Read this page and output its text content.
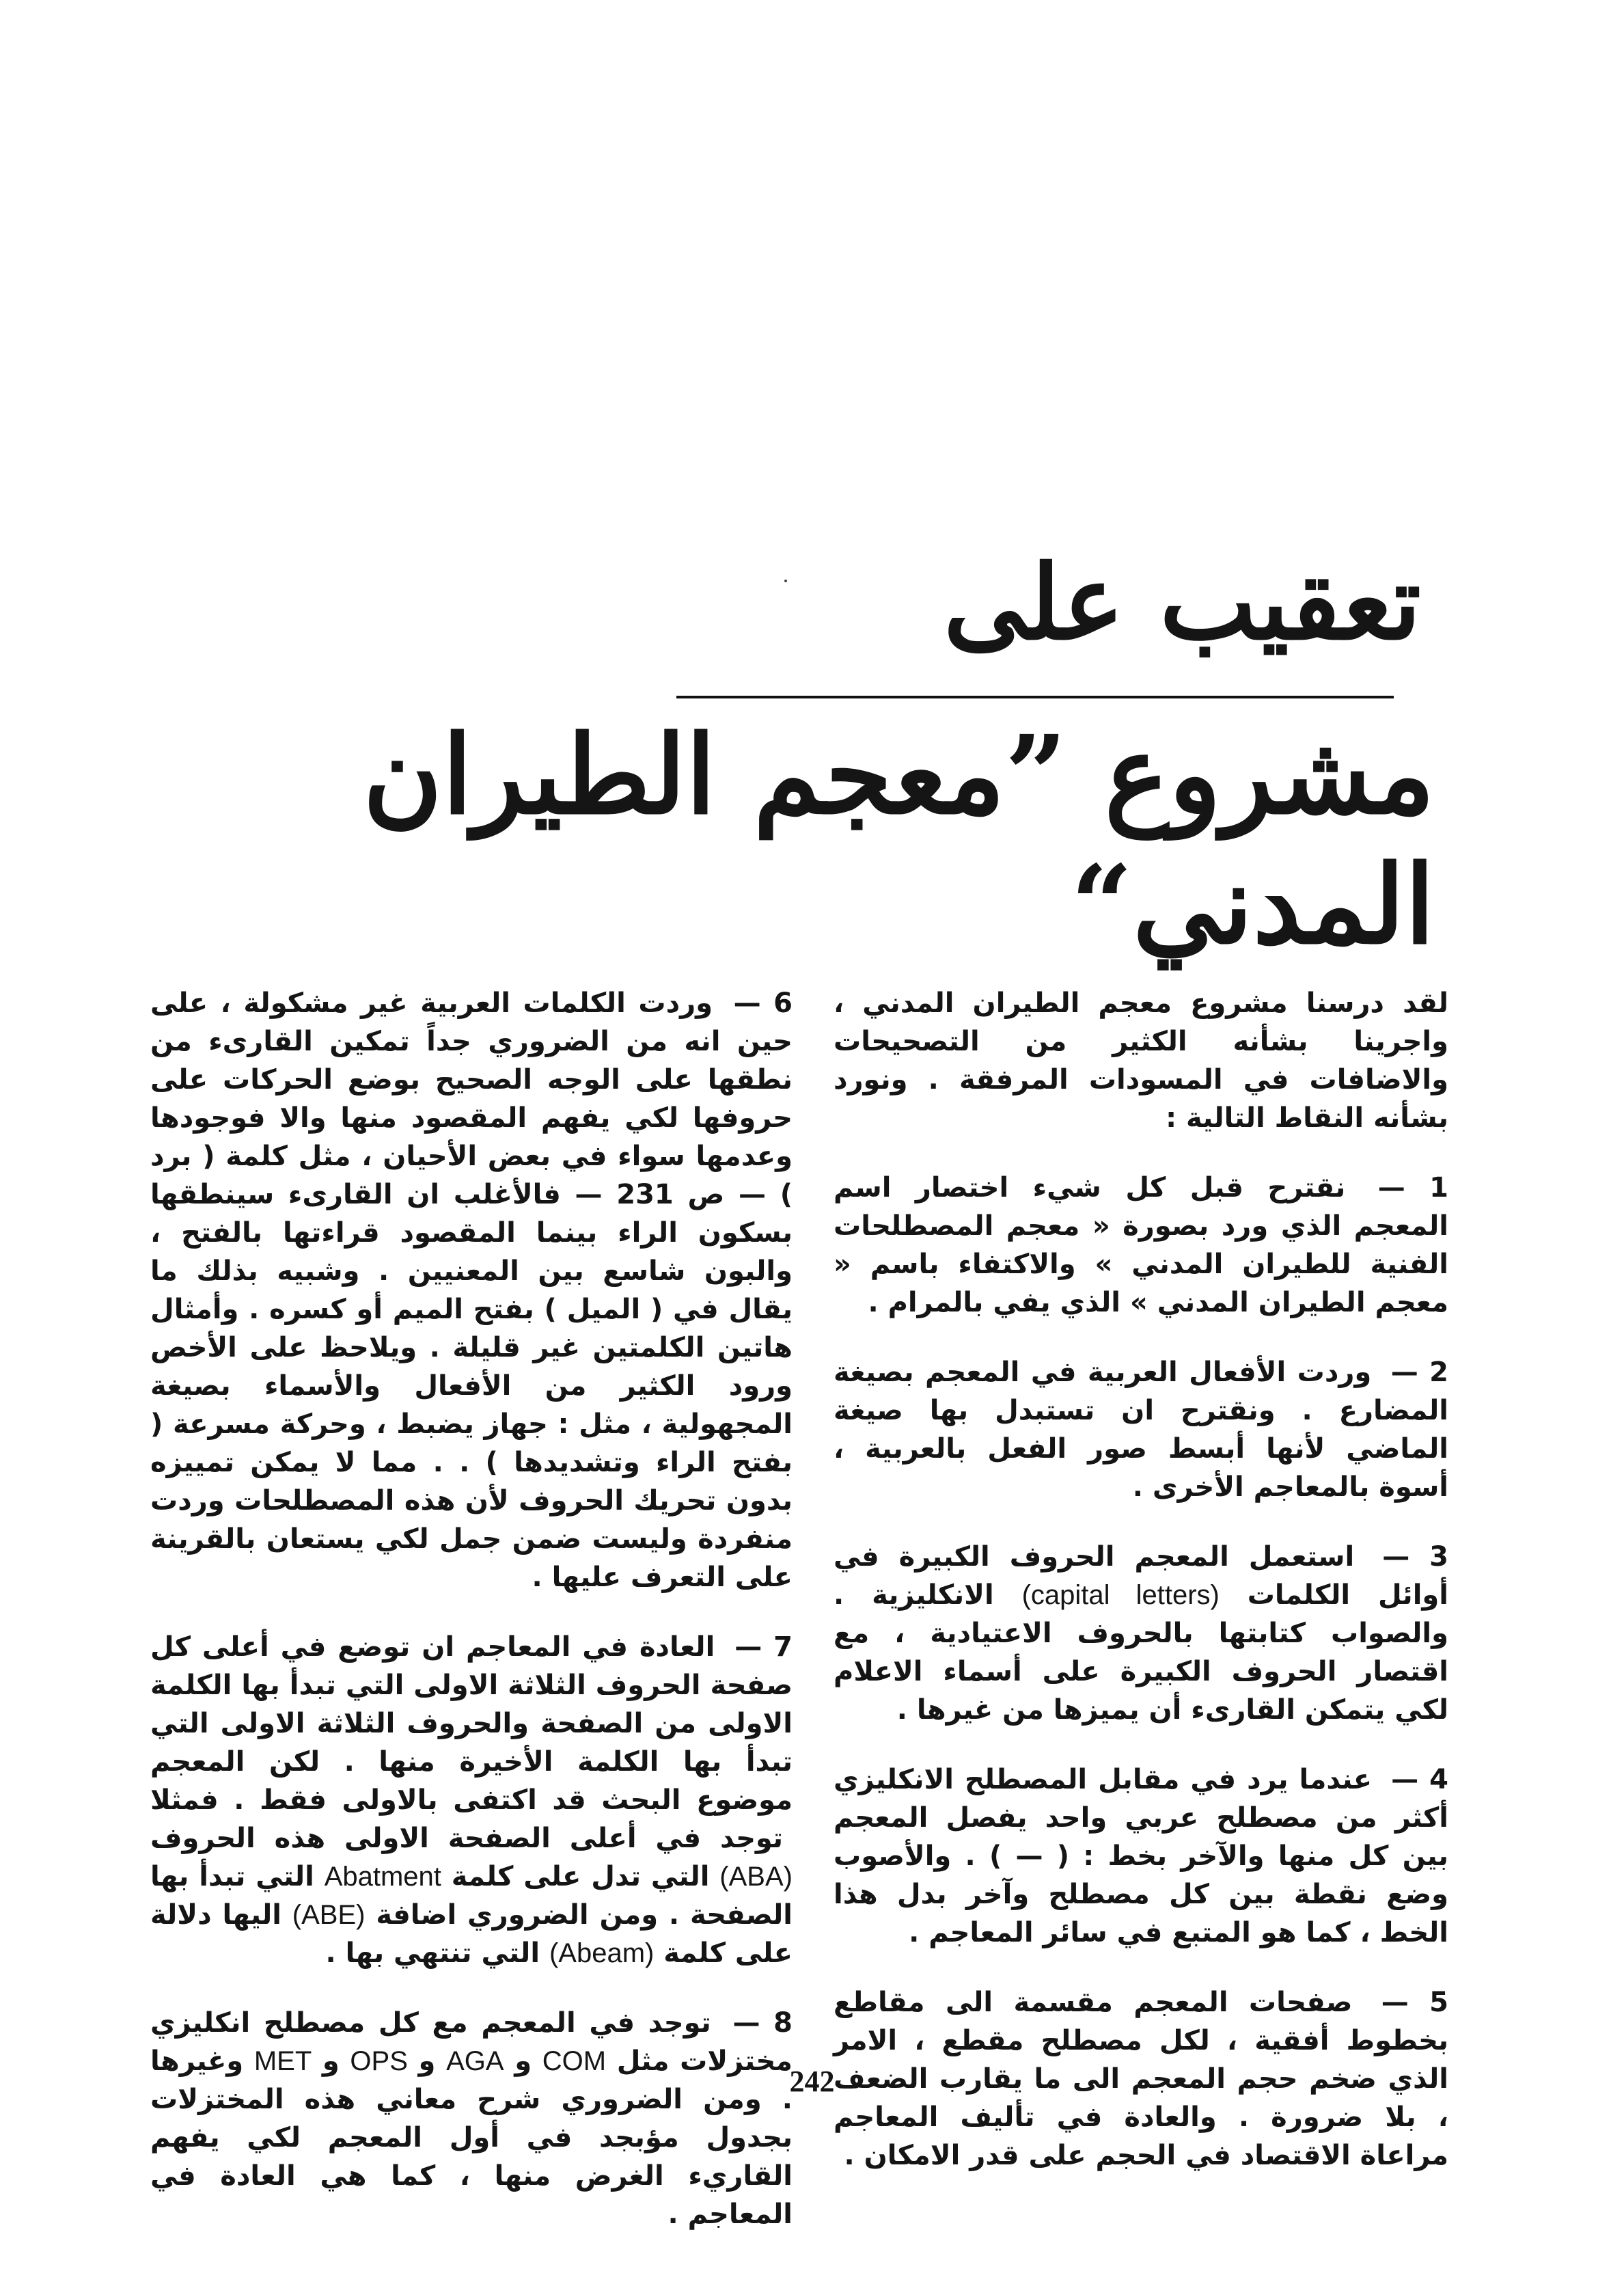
تعقيب على
مشروع ”معجم الطيران المدني“

لقد درسنا مشروع معجم الطيران المدني ، واجرينا بشأنه الكثير من التصحيحات والاضافات في المسودات المرفقة . ونورد بشأنه النقاط التالية :

1 — نقترح قبل كل شيء اختصار اسم المعجم الذي ورد بصورة « معجم المصطلحات الفنية للطيران المدني » والاكتفاء باسم « معجم الطيران المدني » الذي يفي بالمرام .

2 — وردت الأفعال العربية في المعجم بصيغة المضارع . ونقترح ان تستبدل بها صيغة الماضي لأنها أبسط صور الفعل بالعربية ، أسوة بالمعاجم الأخرى .

3 — استعمل المعجم الحروف الكبيرة في أوائل الكلمات (capital letters) الانكليزية . والصواب كتابتها بالحروف الاعتيادية ، مع اقتصار الحروف الكبيرة على أسماء الاعلام لكي يتمكن القارىء أن يميزها من غيرها .

4 — عندما يرد في مقابل المصطلح الانكليزي أكثر من مصطلح عربي واحد يفصل المعجم بين كل منها والآخر بخط : ( — ) . والأصوب وضع نقطة بين كل مصطلح وآخر بدل هذا الخط ، كما هو المتبع في سائر المعاجم .

5 — صفحات المعجم مقسمة الى مقاطع بخطوط أفقية ، لكل مصطلح مقطع ، الامر الذي ضخم حجم المعجم الى ما يقارب الضعف ، بلا ضرورة . والعادة في تأليف المعاجم مراعاة الاقتصاد في الحجم على قدر الامكان .

6 — وردت الكلمات العربية غير مشكولة ، على حين انه من الضروري جداً تمكين القارىء من نطقها على الوجه الصحيح بوضع الحركات على حروفها لكي يفهم المقصود منها والا فوجودها وعدمها سواء في بعض الأحيان ، مثل كلمة ( برد ) — ص 231 — فالأغلب ان القارىء سينطقها بسكون الراء بينما المقصود قراءتها بالفتح ، والبون شاسع بين المعنيين . وشبيه بذلك ما يقال في ( الميل ) بفتح الميم أو كسره . وأمثال هاتين الكلمتين غير قليلة . ويلاحظ على الأخص ورود الكثير من الأفعال والأسماء بصيغة المجهولية ، مثل : جهاز يضبط ، وحركة مسرعة ( بفتح الراء وتشديدها ) . . مما لا يمكن تمييزه بدون تحريك الحروف لأن هذه المصطلحات وردت منفردة وليست ضمن جمل لكي يستعان بالقرينة على التعرف عليها .

7 — العادة في المعاجم ان توضع في أعلى كل صفحة الحروف الثلاثة الاولى التي تبدأ بها الكلمة الاولى من الصفحة والحروف الثلاثة الاولى التي تبدأ بها الكلمة الأخيرة منها . لكن المعجم موضوع البحث قد اكتفى بالاولى فقط . فمثلا توجد في أعلى الصفحة الاولى هذه الحروف (ABA) التي تدل على كلمة Abatment التي تبدأ بها الصفحة . ومن الضروري اضافة (ABE) اليها دلالة على كلمة (Abeam) التي تنتهي بها .

8 — توجد في المعجم مع كل مصطلح انكليزي مختزلات مثل COM و AGA و OPS و MET وغيرها . ومن الضروري شرح معاني هذه المختزلات بجدول مؤبجد في أول المعجم لكي يفهم القاريء الغرض منها ، كما هي العادة في المعاجم .

242
